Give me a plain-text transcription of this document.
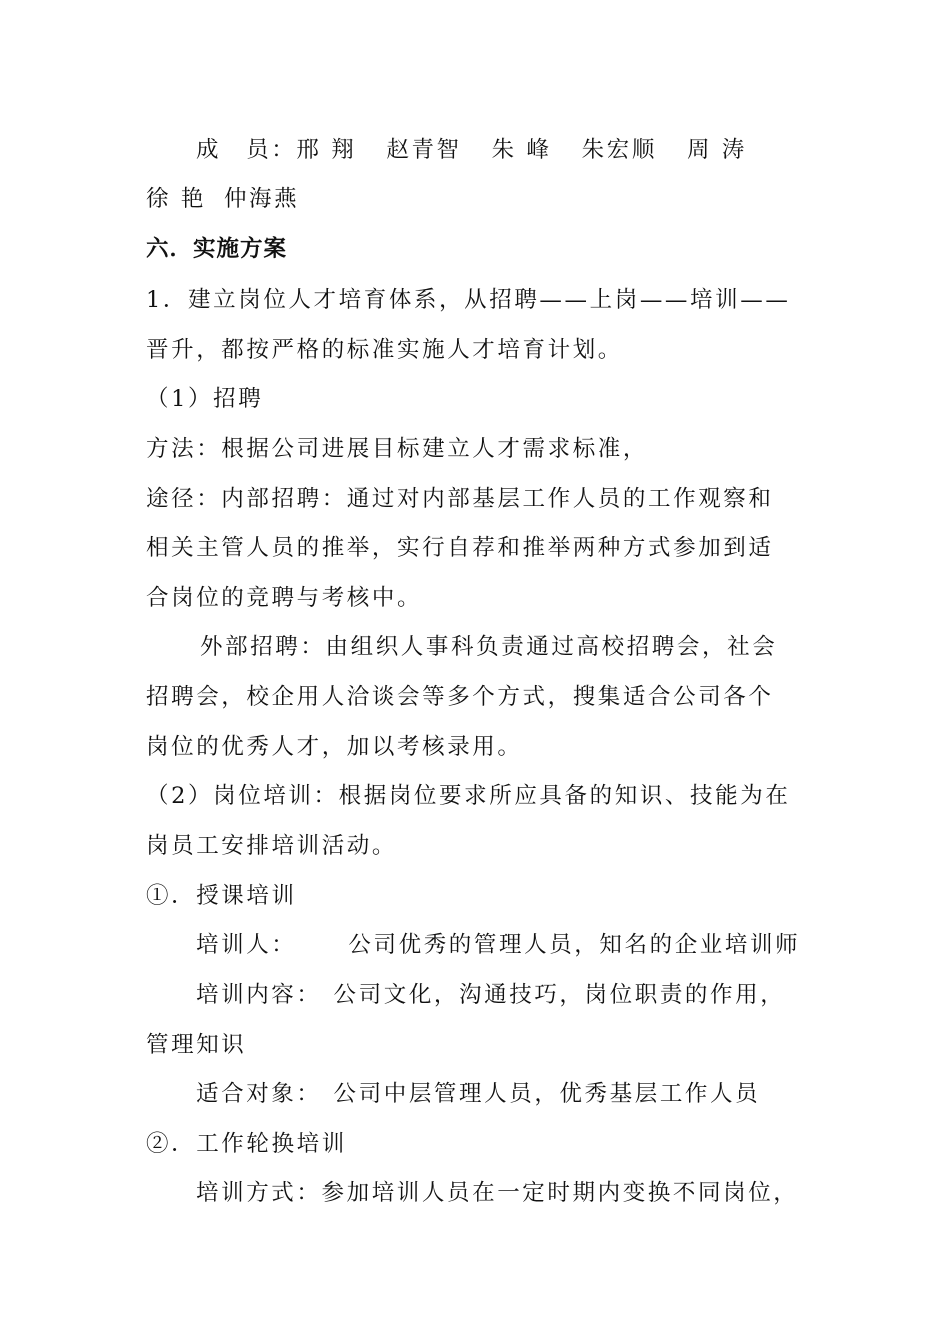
成　员：邢 翔 赵青智 朱 峰 朱宏顺 周 涛
徐 艳 仲海燕
六．实施方案
1．建立岗位人才培育体系，从招聘——上岗——培训——
晋升，都按严格的标准实施人才培育计划。
（1）招聘
方法：根据公司进展目标建立人才需求标准，
途径：内部招聘：通过对内部基层工作人员的工作观察和
相关主管人员的推举，实行自荐和推举两种方式参加到适
合岗位的竞聘与考核中。
外部招聘：由组织人事科负责通过高校招聘会，社会
招聘会，校企用人洽谈会等多个方式，搜集适合公司各个
岗位的优秀人才，加以考核录用。
（2）岗位培训：根据岗位要求所应具备的知识、技能为在
岗员工安排培训活动。
①．授课培训
培训人： 公司优秀的管理人员，知名的企业培训师
培训内容： 公司文化，沟通技巧，岗位职责的作用，
管理知识
适合对象： 公司中层管理人员，优秀基层工作人员
②．工作轮换培训
培训方式：参加培训人员在一定时期内变换不同岗位，
